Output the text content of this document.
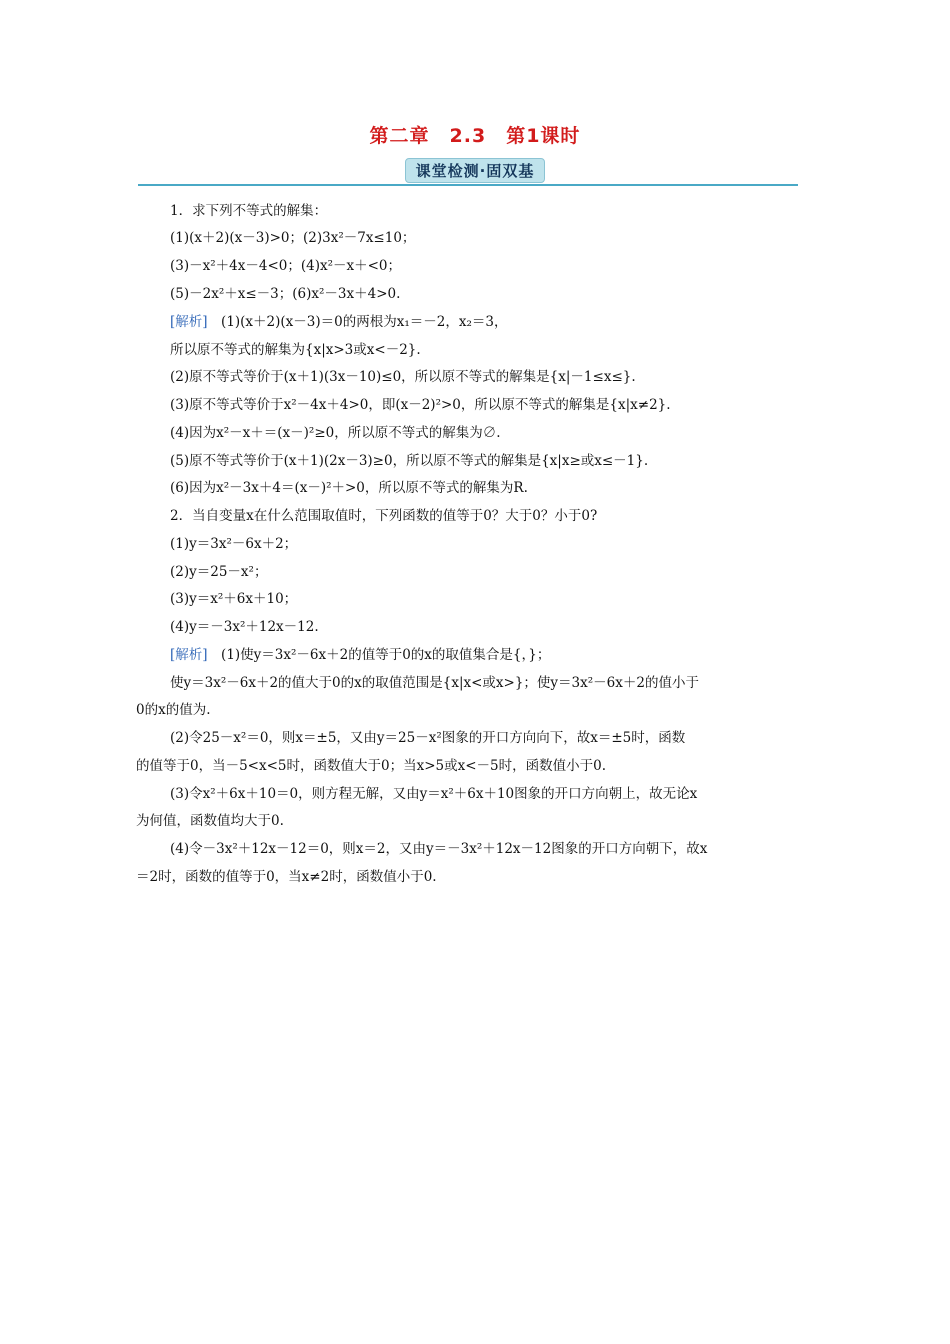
第二章　2.3　第1课时
课堂检测·固双基
1．求下列不等式的解集：
(1)(x＋2)(x－3)>0；(2)3x²－7x≤10；
(3)－x²＋4x－4<0；(4)x²－x＋<0；
(5)－2x²＋x≤－3；(6)x²－3x＋4>0.
[解析]　(1)(x＋2)(x－3)＝0的两根为x₁＝－2，x₂＝3，
所以原不等式的解集为{x|x>3或x<－2}.
(2)原不等式等价于(x＋1)(3x－10)≤0，所以原不等式的解集是{x|－1≤x≤}.
(3)原不等式等价于x²－4x＋4>0，即(x－2)²>0，所以原不等式的解集是{x|x≠2}.
(4)因为x²－x＋＝(x－)²≥0，所以原不等式的解集为∅.
(5)原不等式等价于(x＋1)(2x－3)≥0，所以原不等式的解集是{x|x≥或x≤－1}.
(6)因为x²－3x＋4＝(x－)²＋>0，所以原不等式的解集为R.
2．当自变量x在什么范围取值时，下列函数的值等于0？大于0？小于0?
(1)y＝3x²－6x＋2；
(2)y＝25－x²；
(3)y＝x²＋6x＋10；
(4)y＝－3x²＋12x－12.
[解析]　(1)使y＝3x²－6x＋2的值等于0的x的取值集合是{，}；
使y＝3x²－6x＋2的值大于0的x的取值范围是{x|x<或x>}；使y＝3x²－6x＋2的值小于
0的x的值为.
(2)令25－x²＝0，则x＝±5，又由y＝25－x²图象的开口方向向下，故x＝±5时，函数
的值等于0，当－5<x<5时，函数值大于0；当x>5或x<－5时，函数值小于0.
(3)令x²＋6x＋10＝0，则方程无解，又由y＝x²＋6x＋10图象的开口方向朝上，故无论x
为何值，函数值均大于0.
(4)令－3x²＋12x－12＝0，则x＝2，又由y＝－3x²＋12x－12图象的开口方向朝下，故x
＝2时，函数的值等于0，当x≠2时，函数值小于0.
